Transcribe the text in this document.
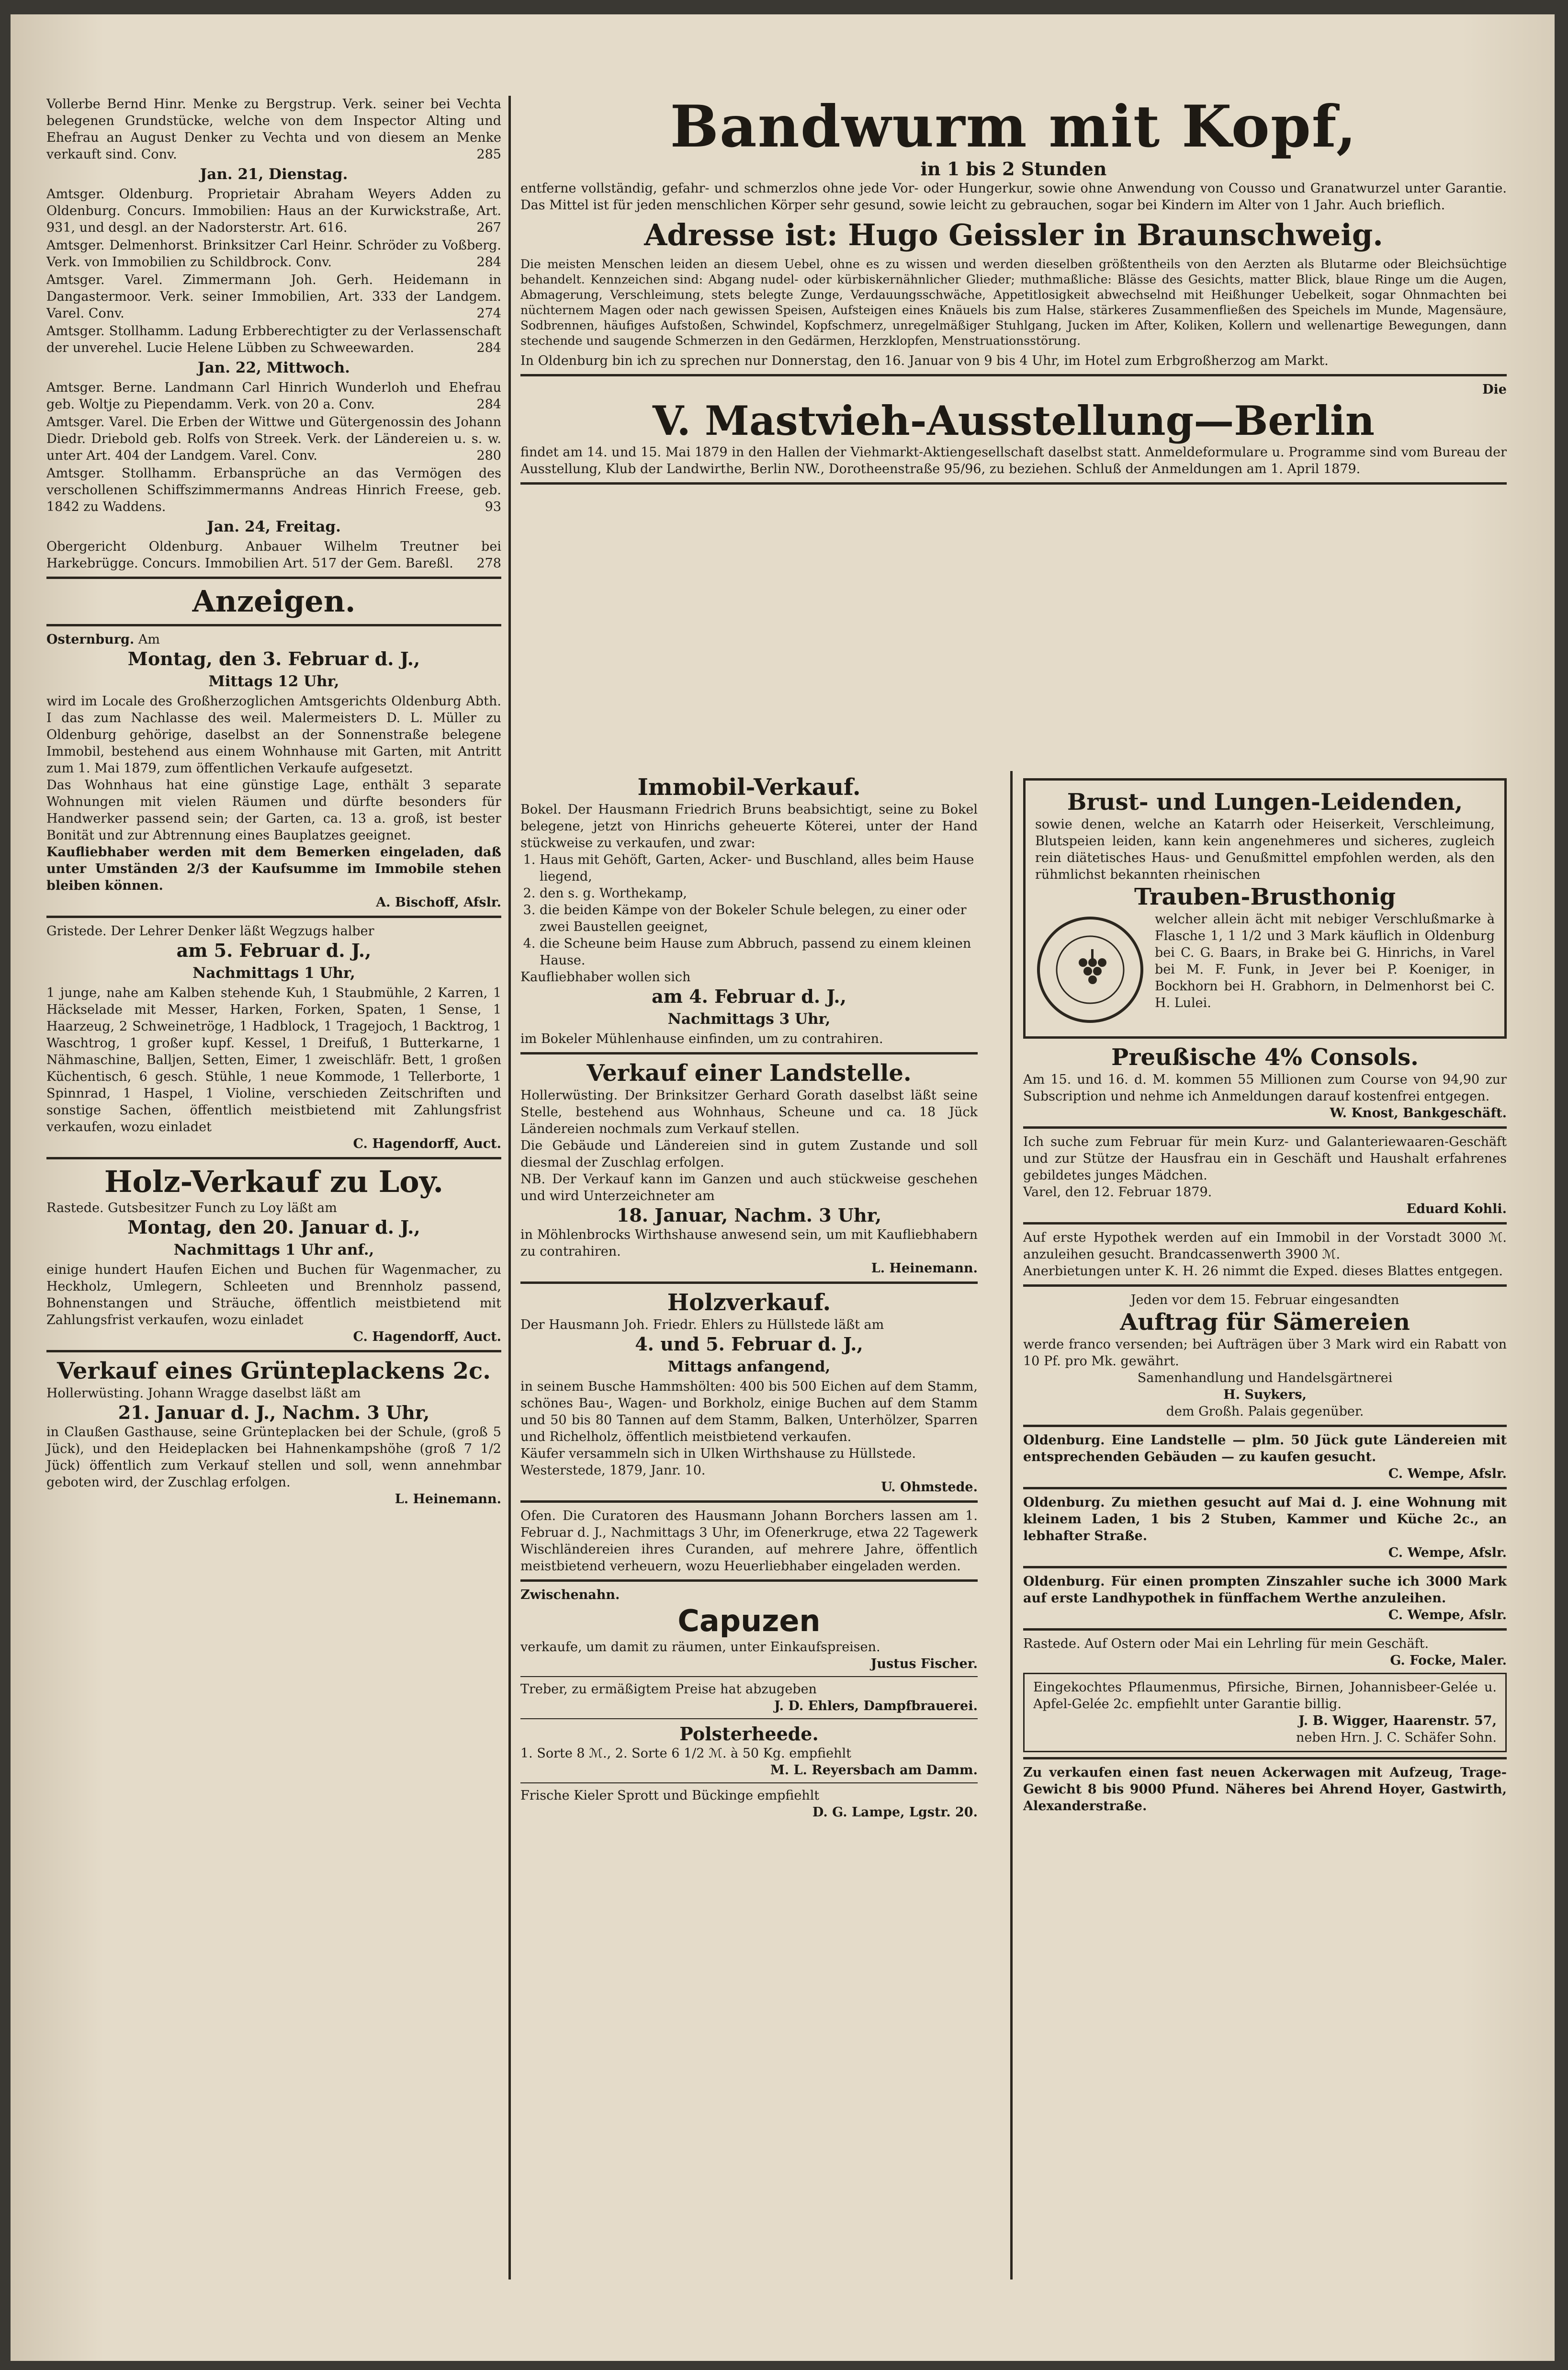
Vollerbe Bernd Hinr. Menke zu Bergstrup. Verk. seiner bei Vechta belegenen Grundstücke, welche von dem Inspector Alting und Ehefrau an August Denker zu Vechta und von diesem an Menke verkauft sind. Conv.	285

Jan. 21, Dienstag.

Amtsger. Oldenburg. Proprietair Abraham Weyers Adden zu Oldenburg. Concurs. Immobilien: Haus an der Kurwickstraße, Art. 931, und desgl. an der Nadorsterstr. Art. 616.	267

Amtsger. Delmenhorst. Brinksitzer Carl Heinr. Schröder zu Voßberg. Verk. von Immobilien zu Schildbrock. Conv.	284

Amtsger. Varel. Zimmermann Joh. Gerh. Heidemann in Dangastermoor. Verk. seiner Immobilien, Art. 333 der Landgem. Varel. Conv.	274

Amtsger. Stollhamm. Ladung Erbberechtigter zu der Verlassenschaft der unverehel. Lucie Helene Lübben zu Schweewarden.	284

Jan. 22, Mittwoch.

Amtsger. Berne. Landmann Carl Hinrich Wunderloh und Ehefrau geb. Woltje zu Piependamm. Verk. von 20 a. Conv.	284

Amtsger. Varel. Die Erben der Wittwe und Gütergenossin des Johann Diedr. Driebold geb. Rolfs von Streek. Verk. der Ländereien u. s. w. unter Art. 404 der Landgem. Varel. Conv.	280

Amtsger. Stollhamm. Erbansprüche an das Vermögen des verschollenen Schiffszimmermanns Andreas Hinrich Freese, geb. 1842 zu Waddens.	93

Jan. 24, Freitag.

Obergericht Oldenburg. Anbauer Wilhelm Treutner bei Harkebrügge. Concurs. Immobilien Art. 517 der Gem. Bareßl. 278

Anzeigen.

Osternburg. Am

Montag, den 3. Februar d. J.,

Mittags 12 Uhr,

wird im Locale des Großherzoglichen Amtsgerichts Oldenburg Abth. I das zum Nachlasse des weil. Malermeisters D. L. Müller zu Oldenburg gehörige, daselbst an der Sonnenstraße belegene Immobil, bestehend aus einem Wohnhause mit Garten, mit Antritt zum 1. Mai 1879, zum öffentlichen Verkaufe aufgesetzt.

Das Wohnhaus hat eine günstige Lage, enthält 3 separate Wohnungen mit vielen Räumen und dürfte besonders für Handwerker passend sein; der Garten, ca. 13 a. groß, ist bester Bonität und zur Abtrennung eines Bauplatzes geeignet.

Kaufliebhaber werden mit dem Bemerken eingeladen, daß unter Umständen 2/3 der Kaufsumme im Immobile stehen bleiben können.

A. Bischoff, Afslr.

Gristede. Der Lehrer Denker läßt Wegzugs halber

am 5. Februar d. J.,

Nachmittags 1 Uhr,

1 junge, nahe am Kalben stehende Kuh, 1 Staubmühle, 2 Karren, 1 Häckselade mit Messer, Harken, Forken, Spaten, 1 Sense, 1 Haarzeug, 2 Schweinetröge, 1 Hadblock, 1 Tragejoch, 1 Backtrog, 1 Waschtrog, 1 großer kupf. Kessel, 1 Dreifuß, 1 Butterkarne, 1 Nähmaschine, Balljen, Setten, Eimer, 1 zweischläfr. Bett, 1 großen Küchentisch, 6 gesch. Stühle, 1 neue Kommode, 1 Tellerborte, 1 Spinnrad, 1 Haspel, 1 Violine, verschieden Zeitschriften und sonstige Sachen, öffentlich meistbietend mit Zahlungsfrist verkaufen, wozu einladet

C. Hagendorff, Auct.

Holz-Verkauf zu Loy.

Rastede. Gutsbesitzer Funch zu Loy läßt am

Montag, den 20. Januar d. J.,

Nachmittags 1 Uhr anf.,

einige hundert Haufen Eichen und Buchen für Wagenmacher, zu Heckholz, Umlegern, Schleeten und Brennholz passend, Bohnenstangen und Sträuche, öffentlich meistbietend mit Zahlungsfrist verkaufen, wozu einladet

C. Hagendorff, Auct.

Verkauf eines Grünteplackens 2c.

Hollerwüsting. Johann Wragge daselbst läßt am

21. Januar d. J., Nachm. 3 Uhr,

in Claußen Gasthause, seine Grünteplacken bei der Schule, (groß 5 Jück), und den Heideplacken bei Hahnenkampshöhe (groß 7 1/2 Jück) öffentlich zum Verkauf stellen und soll, wenn annehmbar geboten wird, der Zuschlag erfolgen.

L. Heinemann.

Bandwurm mit Kopf,

in 1 bis 2 Stunden

entferne vollständig, gefahr- und schmerzlos ohne jede Vor- oder Hungerkur, sowie ohne Anwendung von Cousso und Granatwurzel unter Garantie. Das Mittel ist für jeden menschlichen Körper sehr gesund, sowie leicht zu gebrauchen, sogar bei Kindern im Alter von 1 Jahr. Auch brieflich.

Adresse ist: Hugo Geissler in Braunschweig.

Die meisten Menschen leiden an diesem Uebel, ohne es zu wissen und werden dieselben größtentheils von den Aerzten als Blutarme oder Bleichsüchtige behandelt. Kennzeichen sind: Abgang nudel- oder kürbiskernähnlicher Glieder; muthmaßliche: Blässe des Gesichts, matter Blick, blaue Ringe um die Augen, Abmagerung, Verschleimung, stets belegte Zunge, Verdauungsschwäche, Appetitlosigkeit abwechselnd mit Heißhunger Uebelkeit, sogar Ohnmachten bei nüchternem Magen oder nach gewissen Speisen, Aufsteigen eines Knäuels bis zum Halse, stärkeres Zusammenfließen des Speichels im Munde, Magensäure, Sodbrennen, häufiges Aufstoßen, Schwindel, Kopfschmerz, unregelmäßiger Stuhlgang, Jucken im After, Koliken, Kollern und wellenartige Bewegungen, dann stechende und saugende Schmerzen in den Gedärmen, Herzklopfen, Menstruationsstörung.

In Oldenburg bin ich zu sprechen nur Donnerstag, den 16. Januar von 9 bis 4 Uhr, im Hotel zum Erbgroßherzog am Markt.

Die

V. Mastvieh-Ausstellung—Berlin

findet am 14. und 15. Mai 1879 in den Hallen der Viehmarkt-Aktiengesellschaft daselbst statt. Anmeldeformulare u. Programme sind vom Bureau der Ausstellung, Klub der Landwirthe, Berlin NW., Dorotheenstraße 95/96, zu beziehen. Schluß der Anmeldungen am 1. April 1879.

Immobil-Verkauf.

Bokel. Der Hausmann Friedrich Bruns beabsichtigt, seine zu Bokel belegene, jetzt von Hinrichs geheuerte Köterei, unter der Hand stückweise zu verkaufen, und zwar:

1. Haus mit Gehöft, Garten, Acker- und Buschland, alles beim Hause liegend,
2. den s. g. Worthekamp,
3. die beiden Kämpe von der Bokeler Schule belegen, zu einer oder zwei Baustellen geeignet,
4. die Scheune beim Hause zum Abbruch, passend zu einem kleinen Hause.

Kaufliebhaber wollen sich

am 4. Februar d. J.,

Nachmittags 3 Uhr,

im Bokeler Mühlenhause einfinden, um zu contrahiren.

Verkauf einer Landstelle.

Hollerwüsting. Der Brinksitzer Gerhard Gorath daselbst läßt seine Stelle, bestehend aus Wohnhaus, Scheune und ca. 18 Jück Ländereien nochmals zum Verkauf stellen.

Die Gebäude und Ländereien sind in gutem Zustande und soll diesmal der Zuschlag erfolgen.

NB. Der Verkauf kann im Ganzen und auch stückweise geschehen und wird Unterzeichneter am

18. Januar, Nachm. 3 Uhr,

in Möhlenbrocks Wirthshause anwesend sein, um mit Kaufliebhabern zu contrahiren.

L. Heinemann.

Holzverkauf.

Der Hausmann Joh. Friedr. Ehlers zu Hüllstede läßt am

4. und 5. Februar d. J.,

Mittags anfangend,

in seinem Busche Hammshölten: 400 bis 500 Eichen auf dem Stamm, schönes Bau-, Wagen- und Borkholz, einige Buchen auf dem Stamm und 50 bis 80 Tannen auf dem Stamm, Balken, Unterhölzer, Sparren und Richelholz, öffentlich meistbietend verkaufen.

Käufer versammeln sich in Ulken Wirthshause zu Hüllstede.

Westerstede, 1879, Janr. 10.

U. Ohmstede.

Ofen. Die Curatoren des Hausmann Johann Borchers lassen am 1. Februar d. J., Nachmittags 3 Uhr, im Ofenerkruge, etwa 22 Tagewerk Wischländereien ihres Curanden, auf mehrere Jahre, öffentlich meistbietend verheuern, wozu Heuerliebhaber eingeladen werden.

Zwischenahn.

Capuzen

verkaufe, um damit zu räumen, unter Einkaufspreisen.

Justus Fischer.

Treber, zu ermäßigtem Preise hat abzugeben

J. D. Ehlers, Dampfbrauerei.

Polsterheede.

1. Sorte 8 ℳ., 2. Sorte 6 1/2 ℳ. à 50 Kg. empfiehlt

M. L. Reyersbach am Damm.

Frische Kieler Sprott und Bückinge empfiehlt

D. G. Lampe, Lgstr. 20.

Brust- und Lungen-Leidenden,

sowie denen, welche an Katarrh oder Heiserkeit, Verschleimung, Blutspeien leiden, kann kein angenehmeres und sicheres, zugleich rein diätetisches Haus- und Genußmittel empfohlen werden, als den rühmlichst bekannten rheinischen

Trauben-Brusthonig

welcher allein ächt mit nebiger Verschlußmarke à Flasche 1, 1 1/2 und 3 Mark käuflich in Oldenburg bei C. G. Baars, in Brake bei G. Hinrichs, in Varel bei M. F. Funk, in Jever bei P. Koeniger, in Bockhorn bei H. Grabhorn, in Delmenhorst bei C. H. Lulei.

Preußische 4% Consols.

Am 15. und 16. d. M. kommen 55 Millionen zum Course von 94,90 zur Subscription und nehme ich Anmeldungen darauf kostenfrei entgegen.

W. Knost, Bankgeschäft.

Ich suche zum Februar für mein Kurz- und Galanteriewaaren-Geschäft und zur Stütze der Hausfrau ein in Geschäft und Haushalt erfahrenes gebildetes junges Mädchen.

Varel, den 12. Februar 1879.

Eduard Kohli.

Auf erste Hypothek werden auf ein Immobil in der Vorstadt 3000 ℳ. anzuleihen gesucht. Brandcassenwerth 3900 ℳ.

Anerbietungen unter K. H. 26 nimmt die Exped. dieses Blattes entgegen.

Jeden vor dem 15. Februar eingesandten

Auftrag für Sämereien

werde franco versenden; bei Aufträgen über 3 Mark wird ein Rabatt von 10 Pf. pro Mk. gewährt.

Samenhandlung und Handelsgärtnerei

H. Suykers,

dem Großh. Palais gegenüber.

Oldenburg. Eine Landstelle — plm. 50 Jück gute Ländereien mit entsprechenden Gebäuden — zu kaufen gesucht.

C. Wempe, Afslr.

Oldenburg. Zu miethen gesucht auf Mai d. J. eine Wohnung mit kleinem Laden, 1 bis 2 Stuben, Kammer und Küche 2c., an lebhafter Straße.

C. Wempe, Afslr.

Oldenburg. Für einen prompten Zinszahler suche ich 3000 Mark auf erste Landhypothek in fünffachem Werthe anzuleihen.

C. Wempe, Afslr.

Rastede. Auf Ostern oder Mai ein Lehrling für mein Geschäft.

G. Focke, Maler.

Eingekochtes Pflaumenmus, Pfirsiche, Birnen, Johannisbeer-Gelée u. Apfel-Gelée 2c. empfiehlt unter Garantie billig.

J. B. Wigger, Haarenstr. 57,

neben Hrn. J. C. Schäfer Sohn.

Zu verkaufen einen fast neuen Ackerwagen mit Aufzeug, Trage-Gewicht 8 bis 9000 Pfund. Näheres bei Ahrend Hoyer, Gastwirth, Alexanderstraße.
